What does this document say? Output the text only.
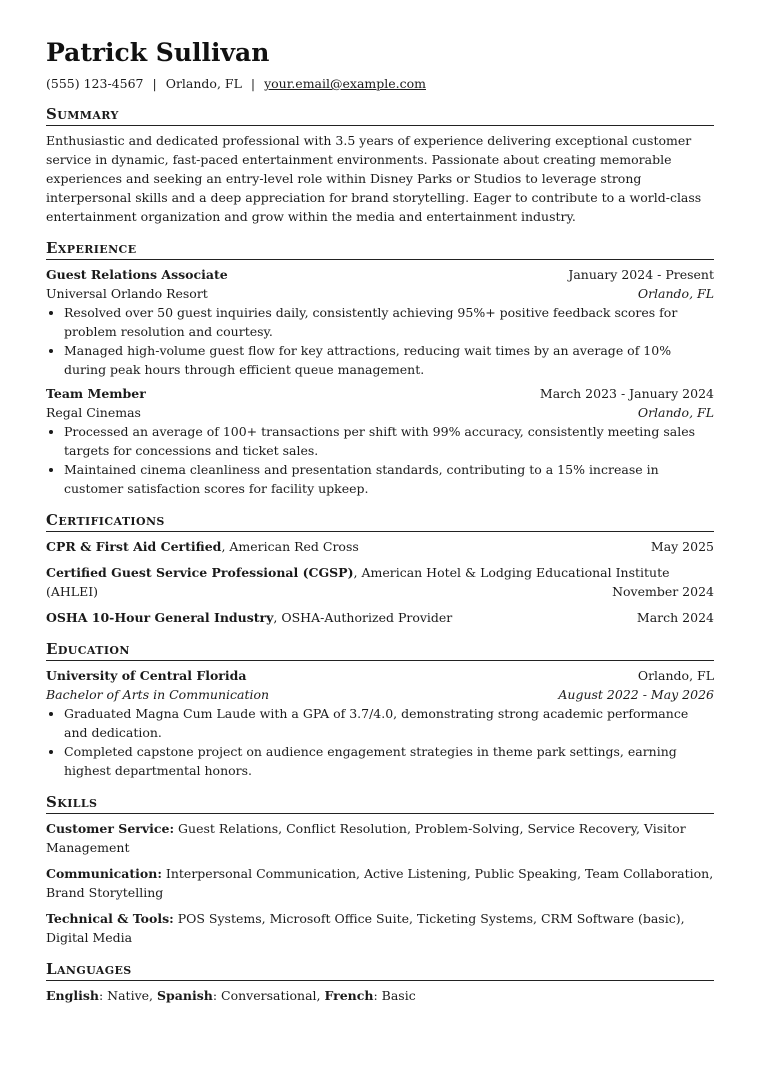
Patrick Sullivan
(555) 123-4567 | Orlando, FL | your.email@example.com
Summary

Enthusiastic and dedicated professional with 3.5 years of experience delivering exceptional customer service in dynamic, fast-paced entertainment environments. Passionate about creating memorable experiences and seeking an entry-level role within Disney Parks or Studios to leverage strong interpersonal skills and a deep appreciation for brand storytelling. Eager to contribute to a world-class entertainment organization and grow within the media and entertainment industry.

Experience
Guest Relations Associate	January 2024 - Present
Universal Orlando Resort	Orlando, FL
• Resolved over 50 guest inquiries daily, consistently achieving 95%+ positive feedback scores for problem resolution and courtesy.
• Managed high-volume guest flow for key attractions, reducing wait times by an average of 10% during peak hours through efficient queue management.
Team Member	March 2023 - January 2024
Regal Cinemas	Orlando, FL
• Processed an average of 100+ transactions per shift with 99% accuracy, consistently meeting sales targets for concessions and ticket sales.
• Maintained cinema cleanliness and presentation standards, contributing to a 15% increase in customer satisfaction scores for facility upkeep.
Certifications
CPR & First Aid Certified, American Red Cross	May 2025
Certified Guest Service Professional (CGSP), American Hotel & Lodging Educational Institute
(AHLEI)	November 2024
OSHA 10-Hour General Industry, OSHA-Authorized Provider	March 2024
Education
University of Central Florida	Orlando, FL
Bachelor of Arts in Communication	August 2022 - May 2026
• Graduated Magna Cum Laude with a GPA of 3.7/4.0, demonstrating strong academic performance and dedication.
• Completed capstone project on audience engagement strategies in theme park settings, earning highest departmental honors.
Skills
Customer Service: Guest Relations, Conflict Resolution, Problem-Solving, Service Recovery, Visitor Management
Communication: Interpersonal Communication, Active Listening, Public Speaking, Team Collaboration, Brand Storytelling
Technical & Tools: POS Systems, Microsoft Office Suite, Ticketing Systems, CRM Software (basic), Digital Media
Languages
English: Native, Spanish: Conversational, French: Basic
